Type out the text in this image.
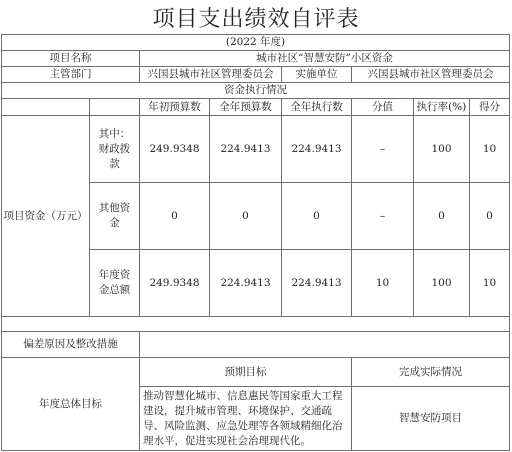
项目支出绩效自评表
(2022 年度)							
项目名称		城市社区“智慧安防”小区资金					
主管部门		兴国县城市社区管理委员会		实施单位	兴国县城市社区管理委员会		
资金执行情况							
		年初预算数	全年预算数	全年执行数	分值	执行率(%)	得分
项目资金（万元）	其中：财政拨款	249.9348	224.9413	224.9413	–	100	10
	其他资金	0	0	0	–	0	0
	年度资金总额	249.9348	224.9413	224.9413	10	100	10

偏差原因及整改措施							
年度总体目标		预期目标			完成实际情况		
		推动智慧化城市、信息惠民等国家重大工程建设，提升城市管理、环境保护、交通疏导、风险监测、应急处理等各领域精细化治理水平，促进实现社会治理现代化。			智慧安防项目		
